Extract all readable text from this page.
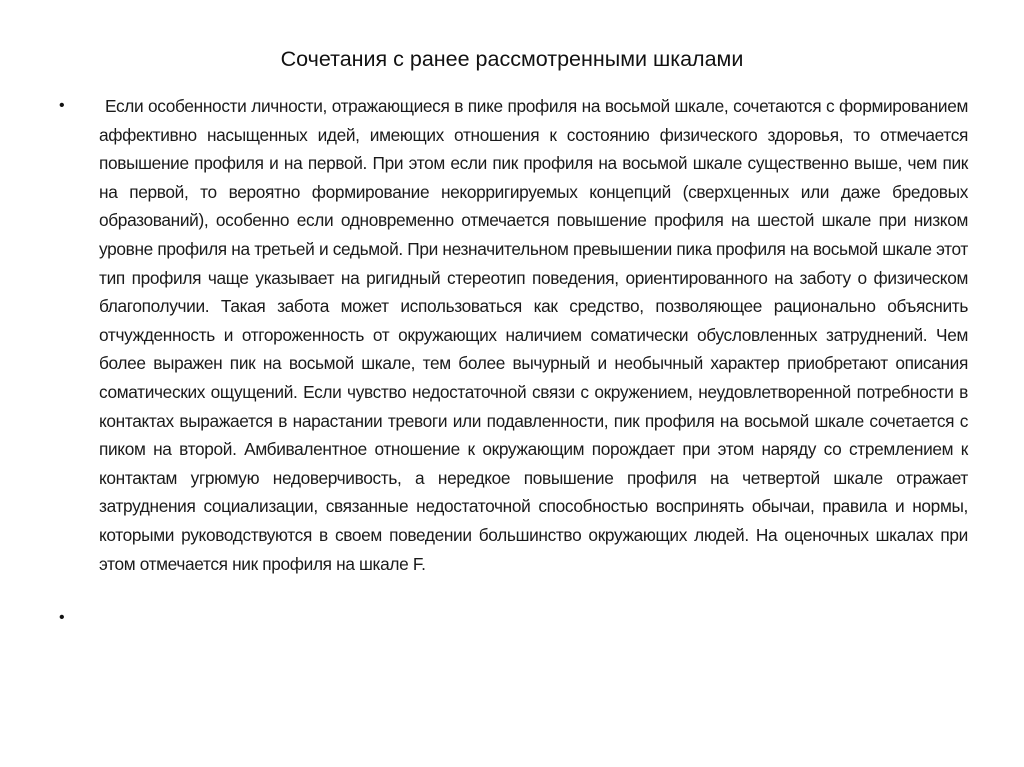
Сочетания с ранее рассмотренными шкалами
•	Если особенности личности, отражающиеся в пике профиля на восьмой шкале, сочетаются с формированием аффективно насыщенных идей, имеющих отношения к состоянию физического здоровья, то отмечается повышение профиля и на первой. При этом если пик профиля на восьмой шкале существенно выше, чем пик на первой, то вероятно формирование некорригируемых концепций (сверхценных или даже бредовых образований), особенно если одновременно отмечается повышение профиля на шестой шкале при низком уровне профиля на третьей и седьмой. При незначительном превышении пика профиля на восьмой шкале этот тип профиля чаще указывает на ригидный стереотип поведения, ориентированного на заботу о физическом благополучии. Такая забота может использоваться как средство, позволяющее рационально объяснить отчужденность и отгороженность от окружающих наличием соматически обусловленных затруднений. Чем более выражен пик на восьмой шкале, тем более вычурный и необычный характер приобретают описания соматических ощущений. Если чувство недостаточной связи с окружением, неудовлетворенной потребности в контактах выражается в нарастании тревоги или подавленности, пик профиля на восьмой шкале сочетается с пиком на второй. Амбивалентное отношение к окружающим порождает при этом наряду со стремлением к контактам угрюмую недоверчивость, а нередкое повышение профиля на четвертой шкале отражает затруднения социализации, связанные недостаточной способностью воспринять обычаи, правила и нормы, которыми руководствуются в своем поведении большинство окружающих людей. На оценочных шкалах при этом отмечается ник профиля на шкале F.
•
